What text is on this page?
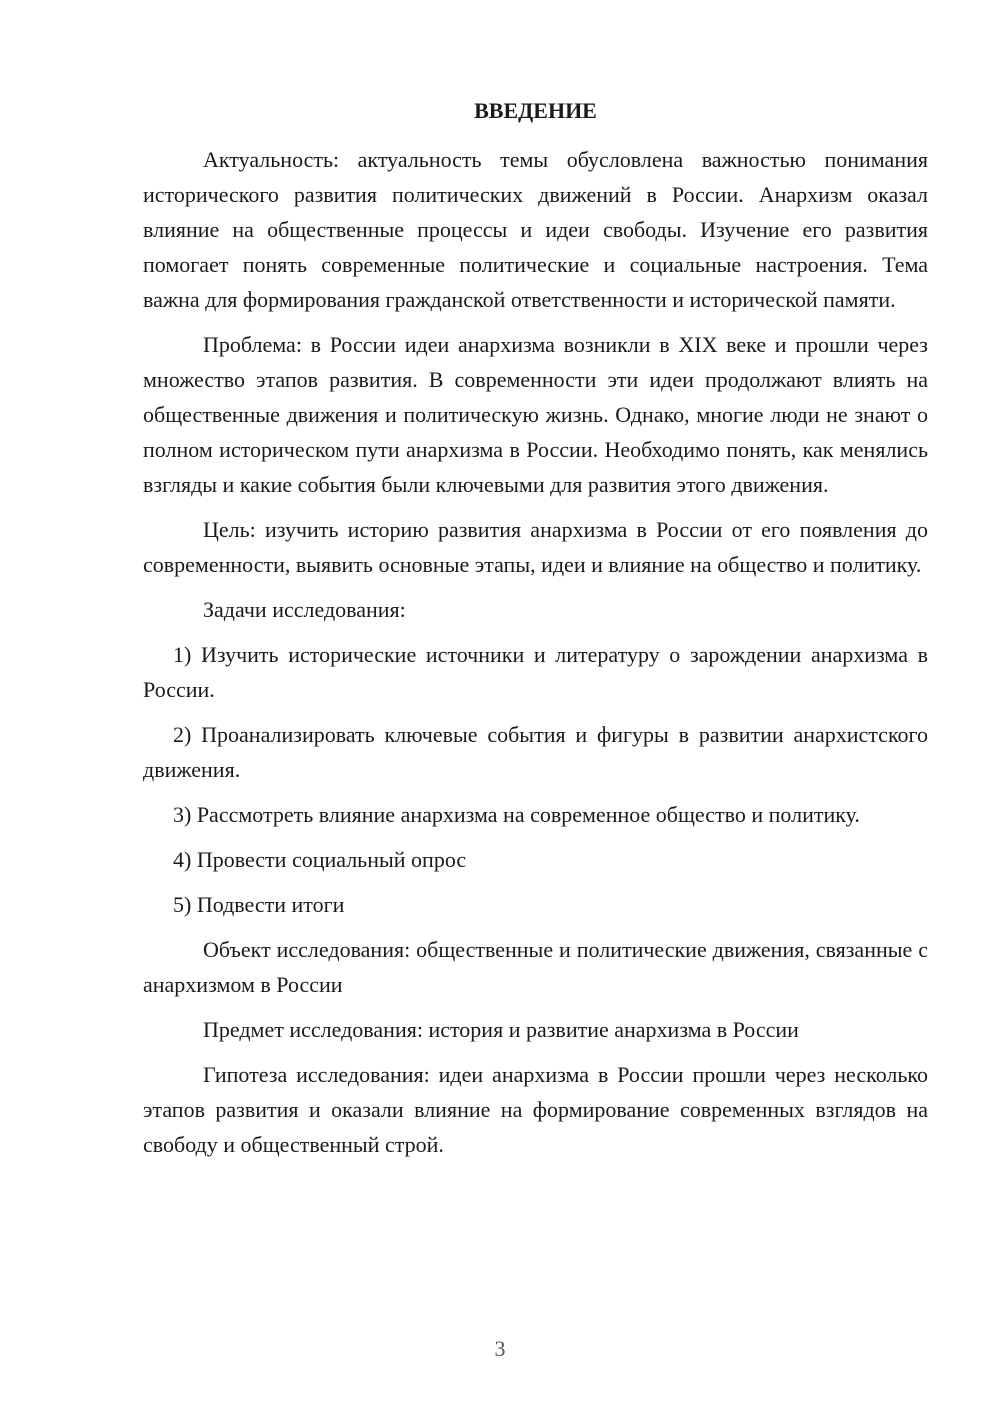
ВВЕДЕНИЕ

Актуальность: актуальность темы обусловлена важностью понимания исторического развития политических движений в России. Анархизм оказал влияние на общественные процессы и идеи свободы. Изучение его развития помогает понять современные политические и социальные настроения. Тема важна для формирования гражданской ответственности и исторической памяти.

Проблема: в России идеи анархизма возникли в XIX веке и прошли через множество этапов развития. В современности эти идеи продолжают влиять на общественные движения и политическую жизнь. Однако, многие люди не знают о полном историческом пути анархизма в России. Необходимо понять, как менялись взгляды и какие события были ключевыми для развития этого движения.

Цель: изучить историю развития анархизма в России от его появления до современности, выявить основные этапы, идеи и влияние на общество и политику.

Задачи исследования:

1) Изучить исторические источники и литературу о зарождении анархизма в России.

2) Проанализировать ключевые события и фигуры в развитии анархистского движения.

3) Рассмотреть влияние анархизма на современное общество и политику.

4) Провести социальный опрос

5) Подвести итоги

Объект исследования: общественные и политические движения, связанные с анархизмом в России

Предмет исследования: история и развитие анархизма в России

Гипотеза исследования: идеи анархизма в России прошли через несколько этапов развития и оказали влияние на формирование современных взглядов на свободу и общественный строй.

3
